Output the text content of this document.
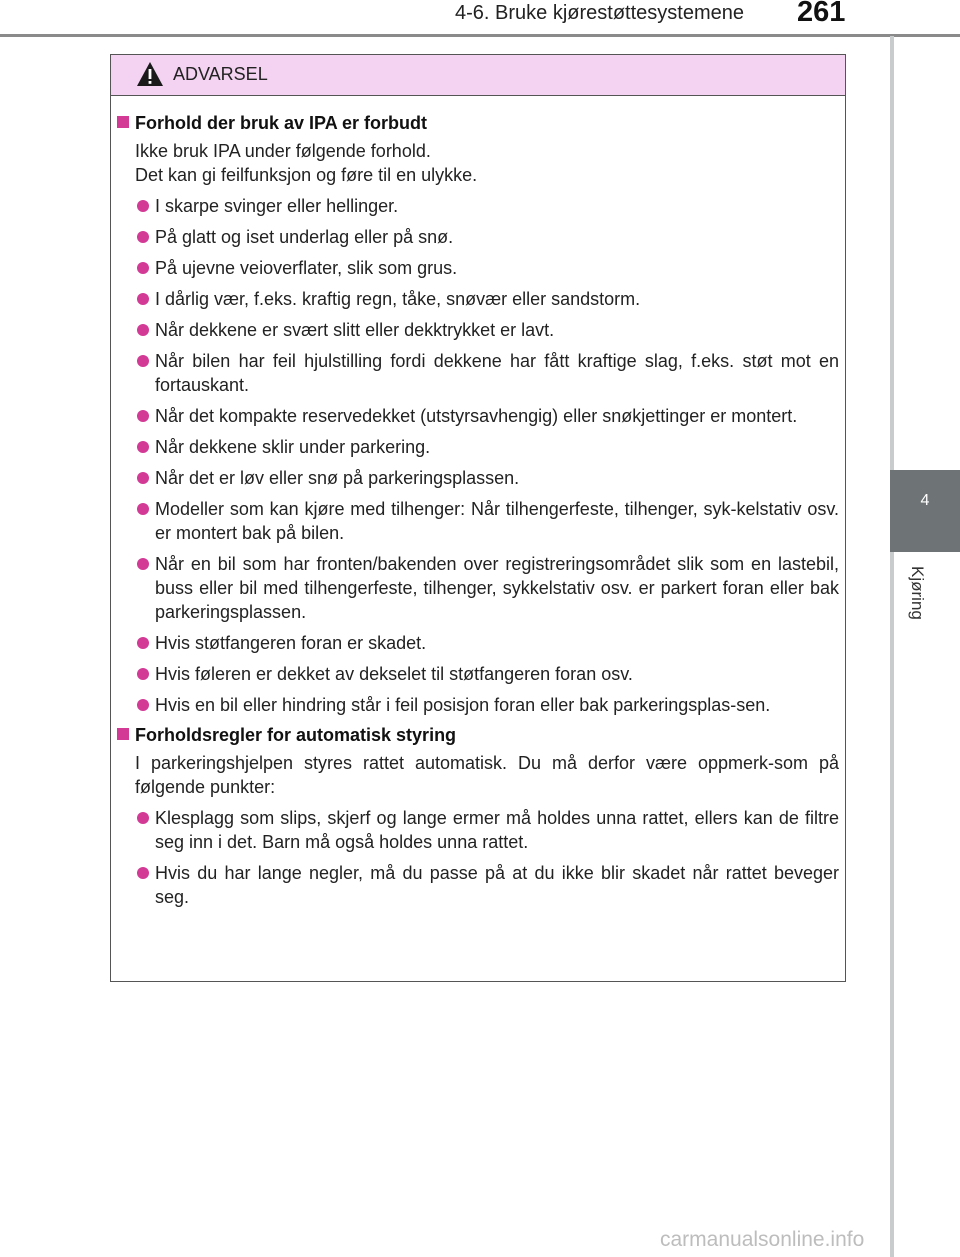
4-6. Bruke kjørestøttesystemene 261
4
Kjøring
ADVARSEL
Forhold der bruk av IPA er forbudt
Ikke bruk IPA under følgende forhold.
Det kan gi feilfunksjon og føre til en ulykke.
I skarpe svinger eller hellinger.
På glatt og iset underlag eller på snø.
På ujevne veioverflater, slik som grus.
I dårlig vær, f.eks. kraftig regn, tåke, snøvær eller sandstorm.
Når dekkene er svært slitt eller dekktrykket er lavt.
Når bilen har feil hjulstilling fordi dekkene har fått kraftige slag, f.eks. støt mot en fortauskant.
Når det kompakte reservedekket (utstyrsavhengig) eller snøkjettinger er montert.
Når dekkene sklir under parkering.
Når det er løv eller snø på parkeringsplassen.
Modeller som kan kjøre med tilhenger: Når tilhengerfeste, tilhenger, syk-kelstativ osv. er montert bak på bilen.
Når en bil som har fronten/bakenden over registreringsområdet slik som en lastebil, buss eller bil med tilhengerfeste, tilhenger, sykkelstativ osv. er parkert foran eller bak parkeringsplassen.
Hvis støtfangeren foran er skadet.
Hvis føleren er dekket av dekselet til støtfangeren foran osv.
Hvis en bil eller hindring står i feil posisjon foran eller bak parkeringsplas-sen.
Forholdsregler for automatisk styring
I parkeringshjelpen styres rattet automatisk. Du må derfor være oppmerk-som på følgende punkter:
Klesplagg som slips, skjerf og lange ermer må holdes unna rattet, ellers kan de filtre seg inn i det. Barn må også holdes unna rattet.
Hvis du har lange negler, må du passe på at du ikke blir skadet når rattet beveger seg.
carmanualsonline.info
